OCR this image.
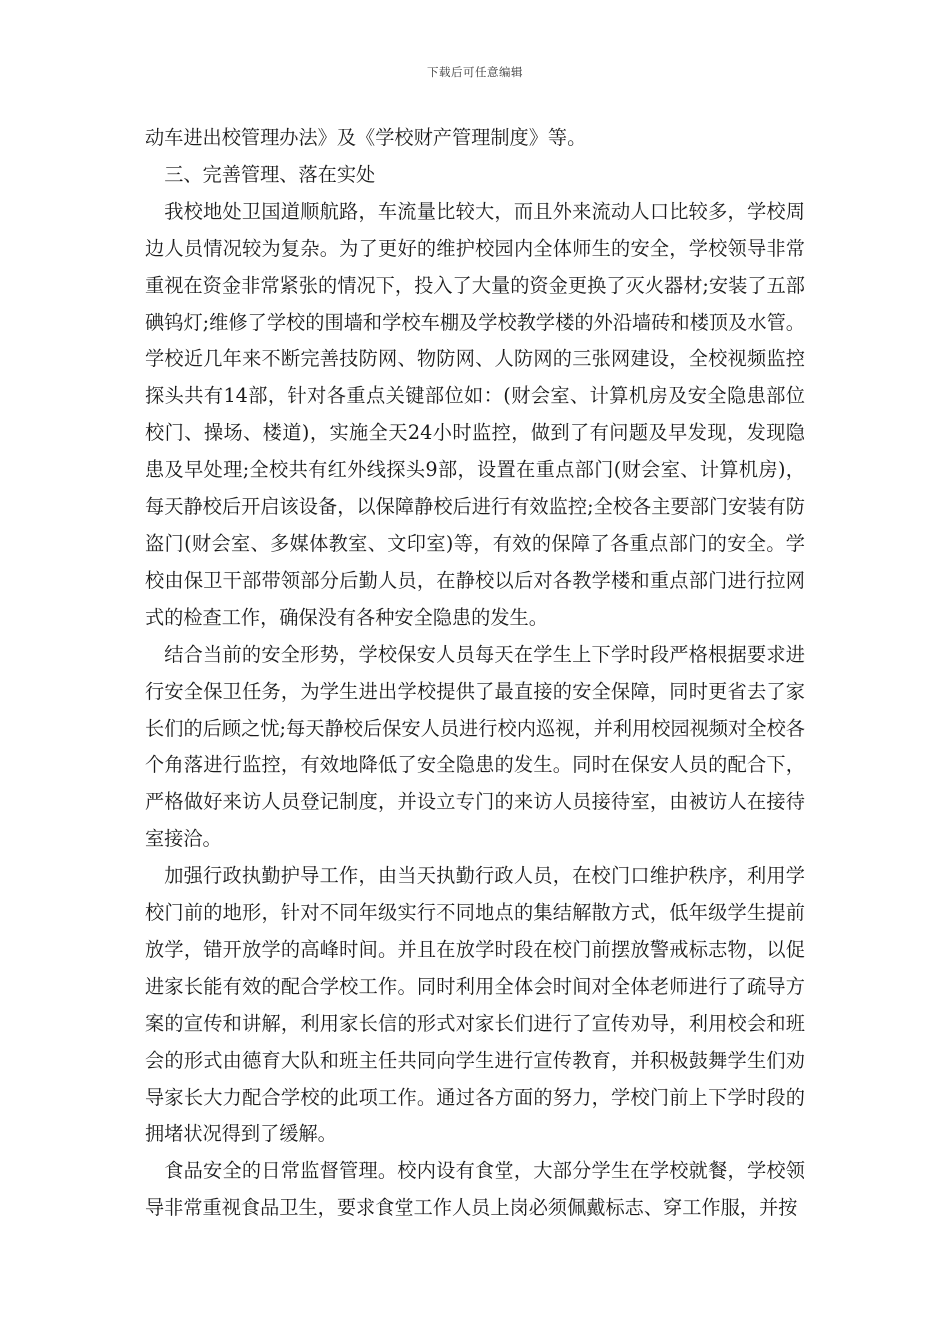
下载后可任意编辑

动车进出校管理办法》及《学校财产管理制度》等。

三、完善管理、落在实处

我校地处卫国道顺航路，车流量比较大，而且外来流动人口比较多，学校周边人员情况较为复杂。为了更好的维护校园内全体师生的安全，学校领导非常重视在资金非常紧张的情况下，投入了大量的资金更换了灭火器材;安装了五部碘钨灯;维修了学校的围墙和学校车棚及学校教学楼的外沿墙砖和楼顶及水管。学校近几年来不断完善技防网、物防网、人防网的三张网建设，全校视频监控探头共有14部，针对各重点关键部位如：(财会室、计算机房及安全隐患部位校门、操场、楼道)，实施全天24小时监控，做到了有问题及早发现，发现隐患及早处理;全校共有红外线探头9部，设置在重点部门(财会室、计算机房)，每天静校后开启该设备，以保障静校后进行有效监控;全校各主要部门安装有防盗门(财会室、多媒体教室、文印室)等，有效的保障了各重点部门的安全。学校由保卫干部带领部分后勤人员，在静校以后对各教学楼和重点部门进行拉网式的检查工作，确保没有各种安全隐患的发生。

结合当前的安全形势，学校保安人员每天在学生上下学时段严格根据要求进行安全保卫任务，为学生进出学校提供了最直接的安全保障，同时更省去了家长们的后顾之忧;每天静校后保安人员进行校内巡视，并利用校园视频对全校各个角落进行监控，有效地降低了安全隐患的发生。同时在保安人员的配合下，严格做好来访人员登记制度，并设立专门的来访人员接待室，由被访人在接待室接洽。

加强行政执勤护导工作，由当天执勤行政人员，在校门口维护秩序，利用学校门前的地形，针对不同年级实行不同地点的集结解散方式，低年级学生提前放学，错开放学的高峰时间。并且在放学时段在校门前摆放警戒标志物，以促进家长能有效的配合学校工作。同时利用全体会时间对全体老师进行了疏导方案的宣传和讲解，利用家长信的形式对家长们进行了宣传劝导，利用校会和班会的形式由德育大队和班主任共同向学生进行宣传教育，并积极鼓舞学生们劝导家长大力配合学校的此项工作。通过各方面的努力，学校门前上下学时段的拥堵状况得到了缓解。

食品安全的日常监督管理。校内设有食堂，大部分学生在学校就餐，学校领导非常重视食品卫生，要求食堂工作人员上岗必须佩戴标志、穿工作服，并按
